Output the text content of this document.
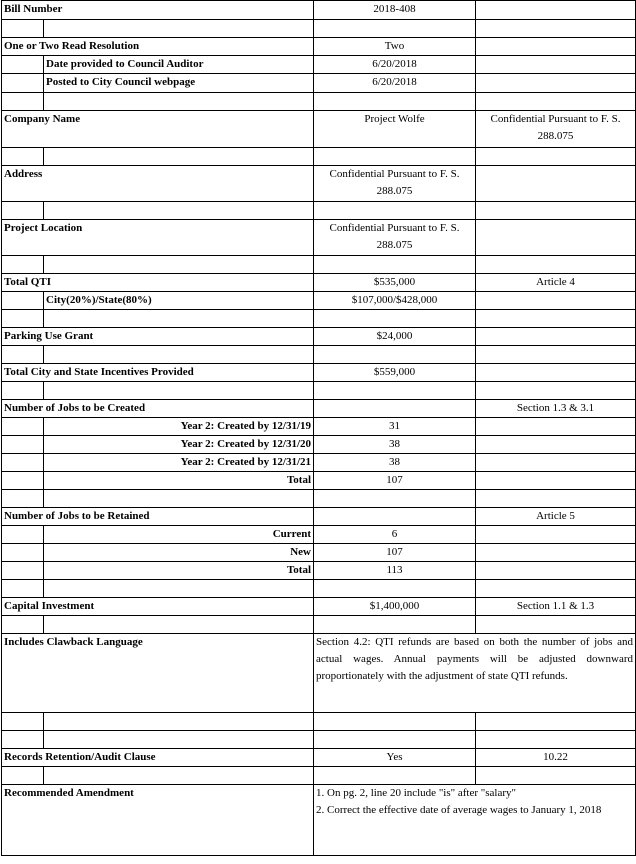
Bill Number		2018-408	

One or Two Read Resolution		Two	
	Date provided to Council Auditor	6/20/2018	
	Posted to City Council webpage	6/20/2018	

Company Name		Project Wolfe	Confidential Pursuant to F. S. 288.075

Address		Confidential Pursuant to F. S. 288.075	

Project Location		Confidential Pursuant to F. S. 288.075	

Total QTI		$535,000	Article 4
	City(20%)/State(80%)	$107,000/$428,000	

Parking Use Grant		$24,000	

Total City and State Incentives Provided		$559,000	

Number of Jobs to be Created			Section 1.3 & 3.1
	Year 2: Created by 12/31/19	31	
	Year 2: Created by 12/31/20	38	
	Year 2: Created by 12/31/21	38	
	Total	107	

Number of Jobs to be Retained			Article 5
	Current	6	
	New	107	
	Total	113	

Capital Investment		$1,400,000	Section 1.1 & 1.3

Includes Clawback Language		Section 4.2: QTI refunds are based on both the number of jobs and actual wages. Annual payments will be adjusted downward proportionately with the adjustment of state QTI refunds.	

Records Retention/Audit Clause		Yes	10.22

Recommended Amendment		1. On pg. 2, line 20 include "is" after "salary"
2. Correct the effective date of average wages to January 1, 2018	
